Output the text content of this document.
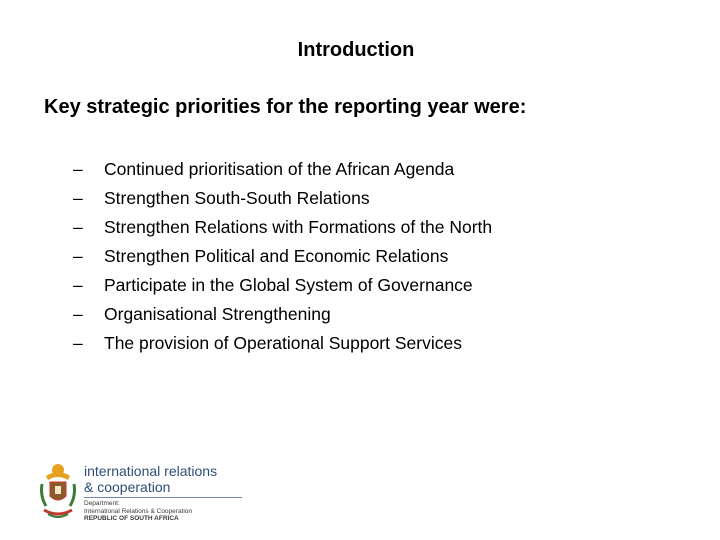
Introduction
Key strategic priorities for the reporting year were:
–	Continued prioritisation of the African Agenda
–	Strengthen South-South Relations
–	Strengthen Relations with Formations of the North
–	Strengthen Political and Economic Relations
–	Participate in the Global System of Governance
–	Organisational Strengthening
–	The provision of Operational Support Services
international relations
& cooperation
Department:
International Relations & Cooperation
REPUBLIC OF SOUTH AFRICA
